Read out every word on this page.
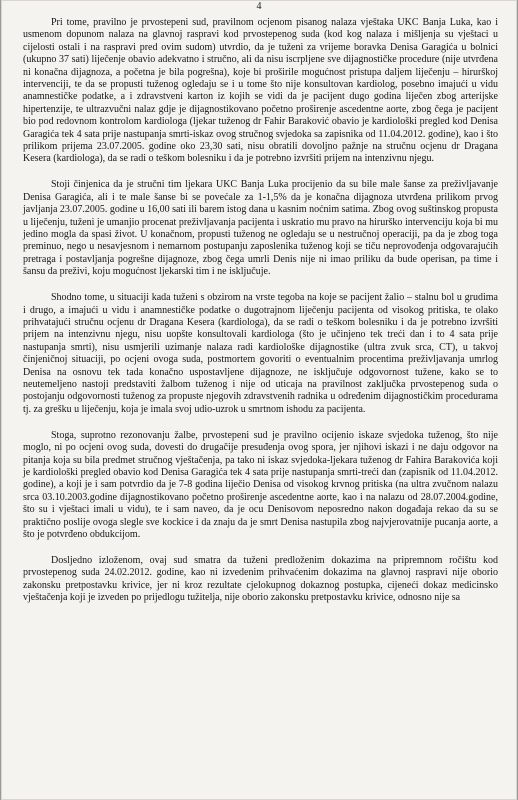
4

Pri tome, pravilno je prvostepeni sud, pravilnom ocjenom pisanog nalaza vještaka UKC Banja Luka, kao i usmenom dopunom nalaza na glavnoj raspravi kod prvostepenog suda (kod kog nalaza i mišljenja su vještaci u cijelosti ostali i na raspravi pred ovim sudom) utvrdio, da je tuženi za vrijeme boravka Denisa Garagića u bolnici (ukupno 37 sati) liječenje obavio adekvatno i stručno, ali da nisu iscrpljene sve dijagnostičke procedure (nije utvrđena ni konačna dijagnoza, a početna je bila pogrešna), koje bi proširile mogućnost pristupa daljem liječenju – hirurškoj intervenciji, te da se propusti tuženog ogledaju se i u tome što nije konsultovan kardiolog, posebno imajući u vidu anamnestičke podatke, a i zdravstveni karton iz kojih se vidi da je pacijent dugo godina liječen zbog arterijske hipertenzije, te ultrazvučni nalaz gdje je dijagnostikovano početno proširenje ascedentne aorte, zbog čega je pacijent bio pod redovnom kontrolom kardiologa (ljekar tuženog dr Fahir Baraković obavio je kardiološki pregled kod Denisa Garagića tek 4 sata prije nastupanja smrti-iskaz ovog stručnog svjedoka sa zapisnika od 11.04.2012. godine), kao i što prilikom prijema 23.07.2005. godine oko 23,30 sati, nisu obratili dovoljno pažnje na stručnu ocjenu dr Dragana Kesera (kardiologa), da se radi o teškom bolesniku i da je potrebno izvršiti prijem na intenzivnu njegu.

Stoji činjenica da je stručni tim ljekara UKC Banja Luka procijenio da su bile male šanse za preživljavanje Denisa Garagića, ali i te male šanse bi se povećale za 1-1,5% da je konačna dijagnoza utvrđena prilikom prvog javljanja 23.07.2005. godine u 16,00 sati ili barem istog dana u kasnim noćnim satima. Zbog ovog suštinskog propusta u liječenju, tuženi je umanjio procenat preživljavanja pacijenta i uskratio mu pravo na hirurško intervenciju koja bi mu jedino mogla da spasi život. U konačnom, propusti tuženog ne ogledaju se u nestručnoj operaciji, pa da je zbog toga preminuo, nego u nesavjesnom i nemarnom postupanju zaposlenika tuženog koji se tiču neprovođenja odgovarajućih pretraga i postavljanja pogrešne dijagnoze, zbog čega umrli Denis nije ni imao priliku da bude operisan, pa time i šansu da preživi, koju mogućnost ljekarski tim i ne isključuje.

Shodno tome, u situaciji kada tuženi s obzirom na vrste tegoba na koje se pacijent žalio – stalnu bol u grudima i drugo, a imajući u vidu i anamnestičke podatke o dugotrajnom liječenju pacijenta od visokog pritiska, te olako prihvatajući stručnu ocjenu dr Dragana Kesera (kardiologa), da se radi o teškom bolesniku i da je potrebno izvršiti prijem na intenzivnu njegu, nisu uopšte konsultovali kardiologa (što je učinjeno tek treći dan i to 4 sata prije nastupanja smrti), nisu usmjerili uzimanje nalaza radi kardiološke dijagnostike (ultra zvuk srca, CT), u takvoj činjeničnoj situaciji, po ocjeni ovoga suda, postmortem govoriti o eventualnim procentima preživljavanja umrlog Denisa na osnovu tek tada konačno uspostavljene dijagnoze, ne isključuje odgovornost tužene, kako se to neutemeljeno nastoji predstaviti žalbom tuženog i nije od uticaja na pravilnost zaključka prvostepenog suda o postojanju odgovornosti tuženog za propuste njegovih zdravstvenih radnika u određenim dijagnostičkim procedurama tj. za grešku u liječenju, koja je imala svoj udio-uzrok u smrtnom ishodu za pacijenta.

Stoga, suprotno rezonovanju žalbe, prvostepeni sud je pravilno ocijenio iskaze svjedoka tuženog, što nije moglo, ni po ocjeni ovog suda, dovesti do drugačije presuđenja ovog spora, jer njihovi iskazi i ne daju odgovor na pitanja koja su bila predmet stručnog vještačenja, pa tako ni iskaz svjedoka-ljekara tuženog dr Fahira Barakovića koji je kardiološki pregled obavio kod Denisa Garagića tek 4 sata prije nastupanja smrti-treći dan (zapisnik od 11.04.2012. godine), a koji je i sam potvrdio da je 7-8 godina liječio Denisa od visokog krvnog pritiska (na ultra zvučnom nalazu srca 03.10.2003.godine dijagnostikovano početno proširenje ascedentne aorte, kao i na nalazu od 28.07.2004.godine, što su i vještaci imali u vidu), te i sam naveo, da je ocu Denisovom neposredno nakon događaja rekao da su se praktično poslije ovoga slegle sve kockice i da znaju da je smrt Denisa nastupila zbog najvjerovatnije pucanja aorte, a što je potvrđeno obdukcijom.

Dosljedno izloženom, ovaj sud smatra da tuženi predloženim dokazima na pripremnom ročištu kod prvostepenog suda 24.02.2012. godine, kao ni izvedenim prihvaćenim dokazima na glavnoj raspravi nije oborio zakonsku pretpostavku krivice, jer ni kroz rezultate cjelokupnog dokaznog postupka, cijeneći dokaz medicinsko vještačenja koji je izveden po prijedlogu tužitelja, nije oborio zakonsku pretpostavku krivice, odnosno nije sa
